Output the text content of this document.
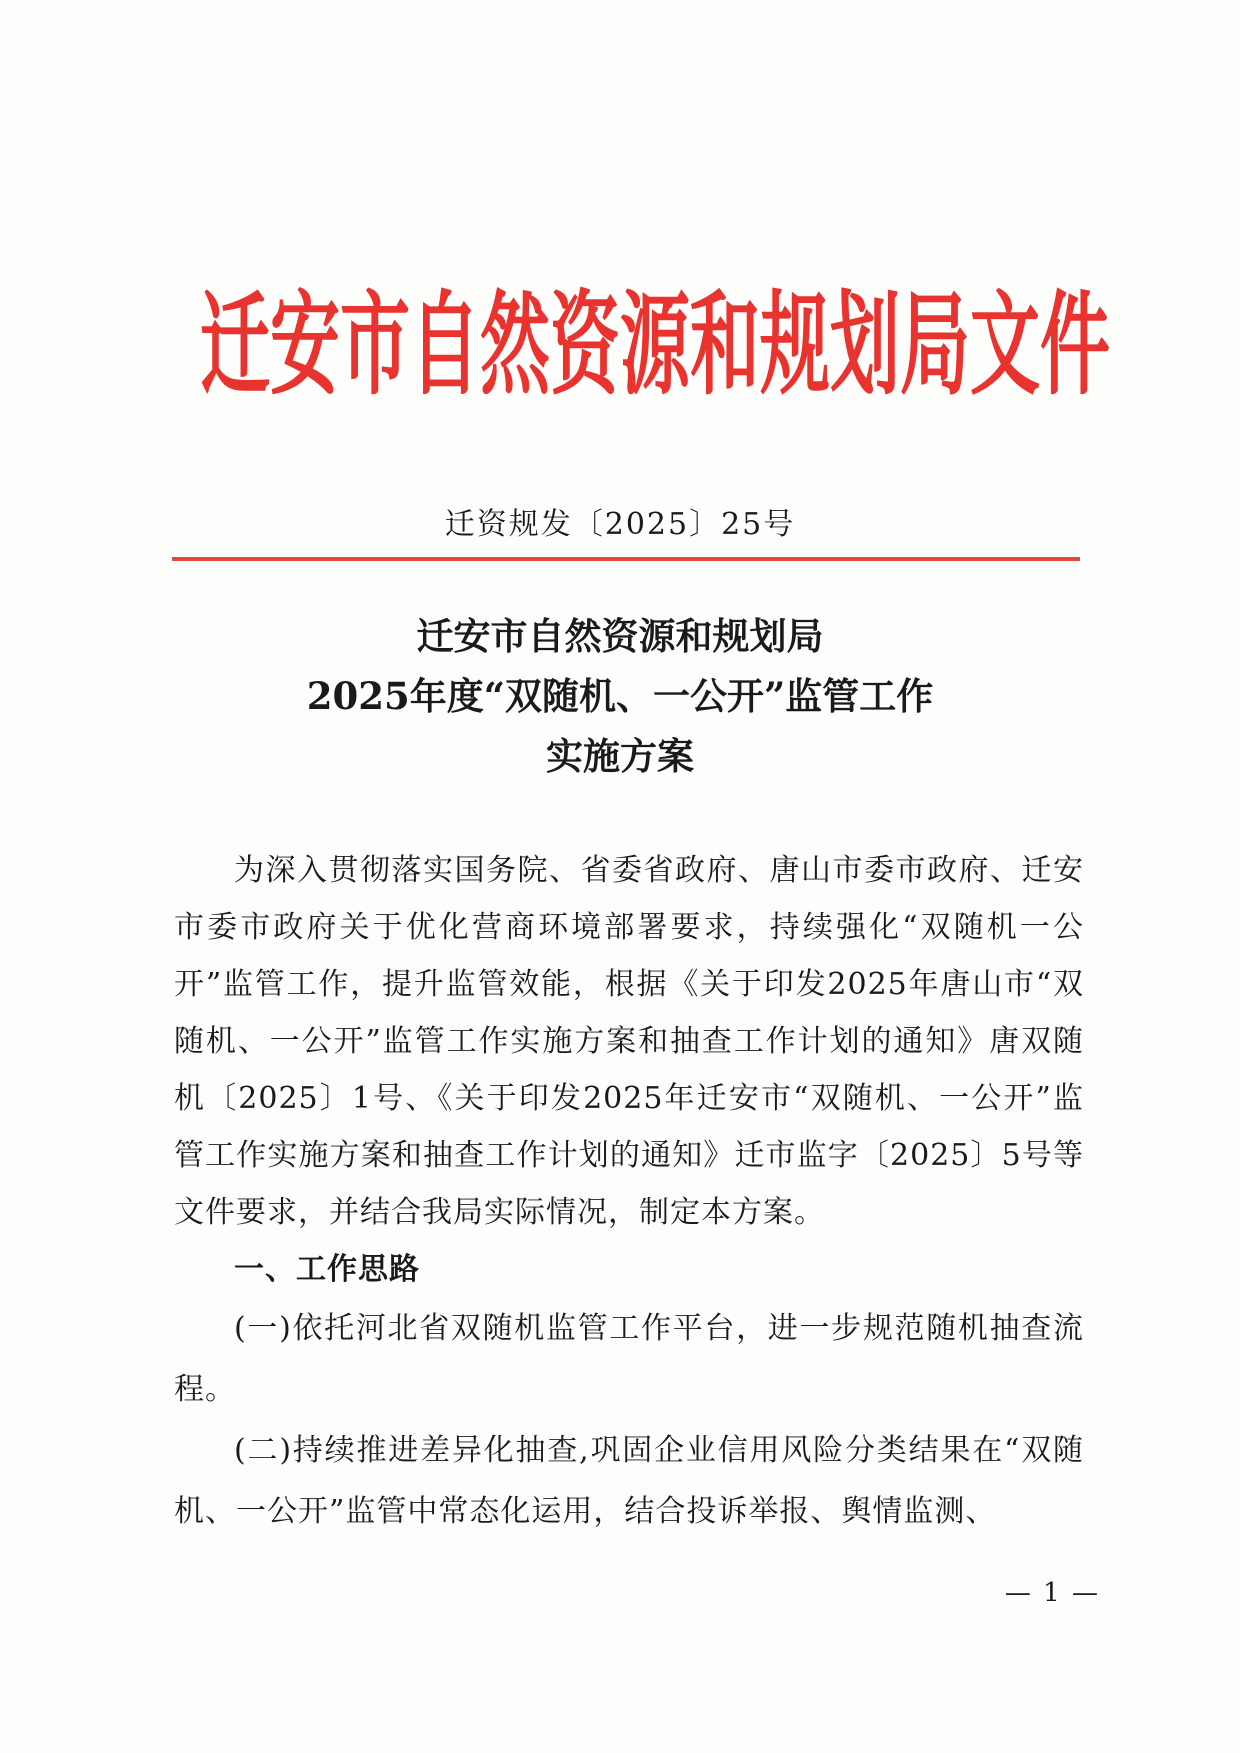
迁安市自然资源和规划局文件
迁资规发〔2025〕25号
迁安市自然资源和规划局
2025年度“双随机、一公开”监管工作
实施方案

为深入贯彻落实国务院、省委省政府、唐山市委市政府、迁安市委市政府关于优化营商环境部署要求，持续强化“双随机一公开”监管工作，提升监管效能，根据《关于印发2025年唐山市“双随机、一公开”监管工作实施方案和抽查工作计划的通知》唐双随机〔2025〕1号、《关于印发2025年迁安市“双随机、一公开”监管工作实施方案和抽查工作计划的通知》迁市监字〔2025〕5号等文件要求，并结合我局实际情况，制定本方案。

一、工作思路

(一)依托河北省双随机监管工作平台，进一步规范随机抽查流程。

(二)持续推进差异化抽查,巩固企业信用风险分类结果在“双随机、一公开”监管中常态化运用，结合投诉举报、舆情监测、

— 1 —
